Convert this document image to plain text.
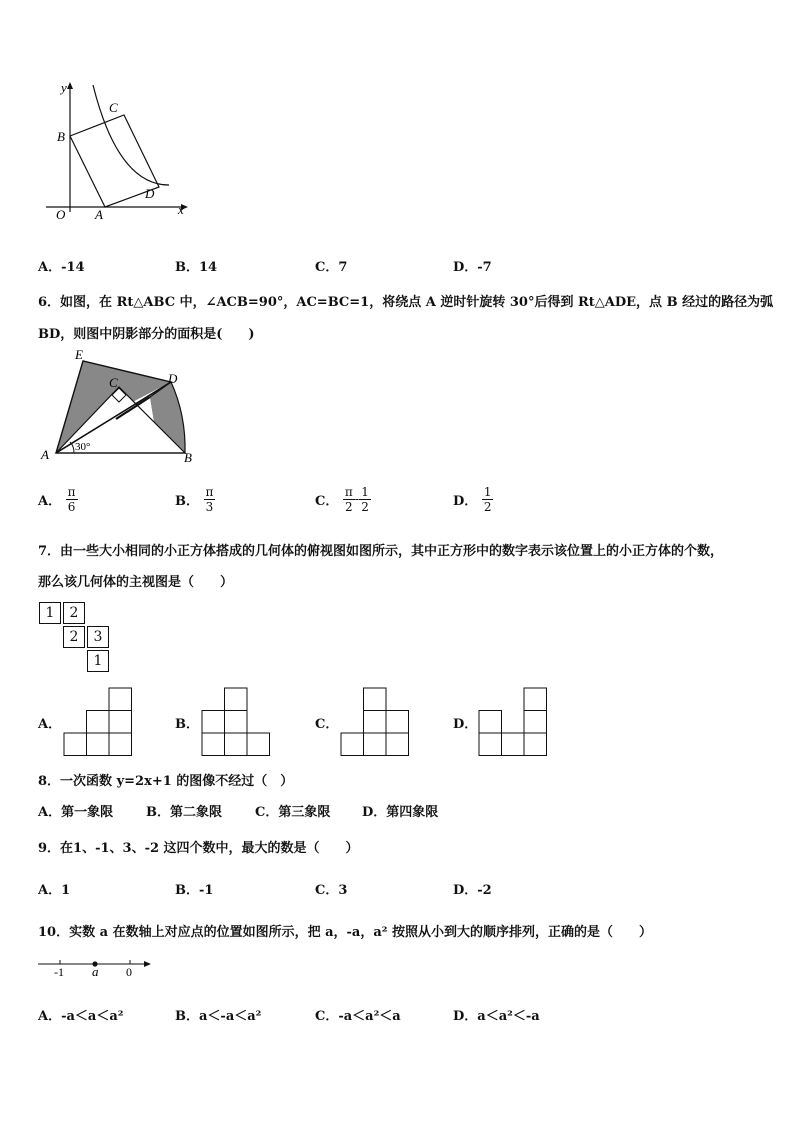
y
x
O A
B
C
D
A．-14	B．14	C．7	D．-7
6．如图，在 Rt△ABC 中，∠ACB=90°，AC=BC=1，将绕点 A 逆时针旋转 30°后得到 Rt△ADE，点 B 经过的路径为弧
BD，则图中阴影部分的面积是(　　)
30°
E
C	D
A	B
A． $\frac{\pi}{6}$	B． $\frac{\pi}{3}$	C． $\frac{\pi}{2} - \frac{1}{2}$	D． $\frac{1}{2}$
7．由一些大小相同的小正方体搭成的几何体的俯视图如图所示，其中正方形中的数字表示该位置上的小正方体的个数，
那么该几何体的主视图是（　　）
1	2
2	3
1
A．	B．	C．	D．
8．一次函数 y=2x+1 的图像不经过（　）
A．第一象限	B．第二象限	C．第三象限 D．第四象限
9．在1、-1、3、-2 这四个数中，最大的数是（　　）
A．1	B．-1	C．3	D．-2
10．实数 a 在数轴上对应点的位置如图所示，把 a，-a，a² 按照从小到大的顺序排列，正确的是（　　）
-1 a 0
A．-a＜a＜a²	B．a＜-a＜a²	C．-a＜a²＜a	D．a＜a²＜-a
